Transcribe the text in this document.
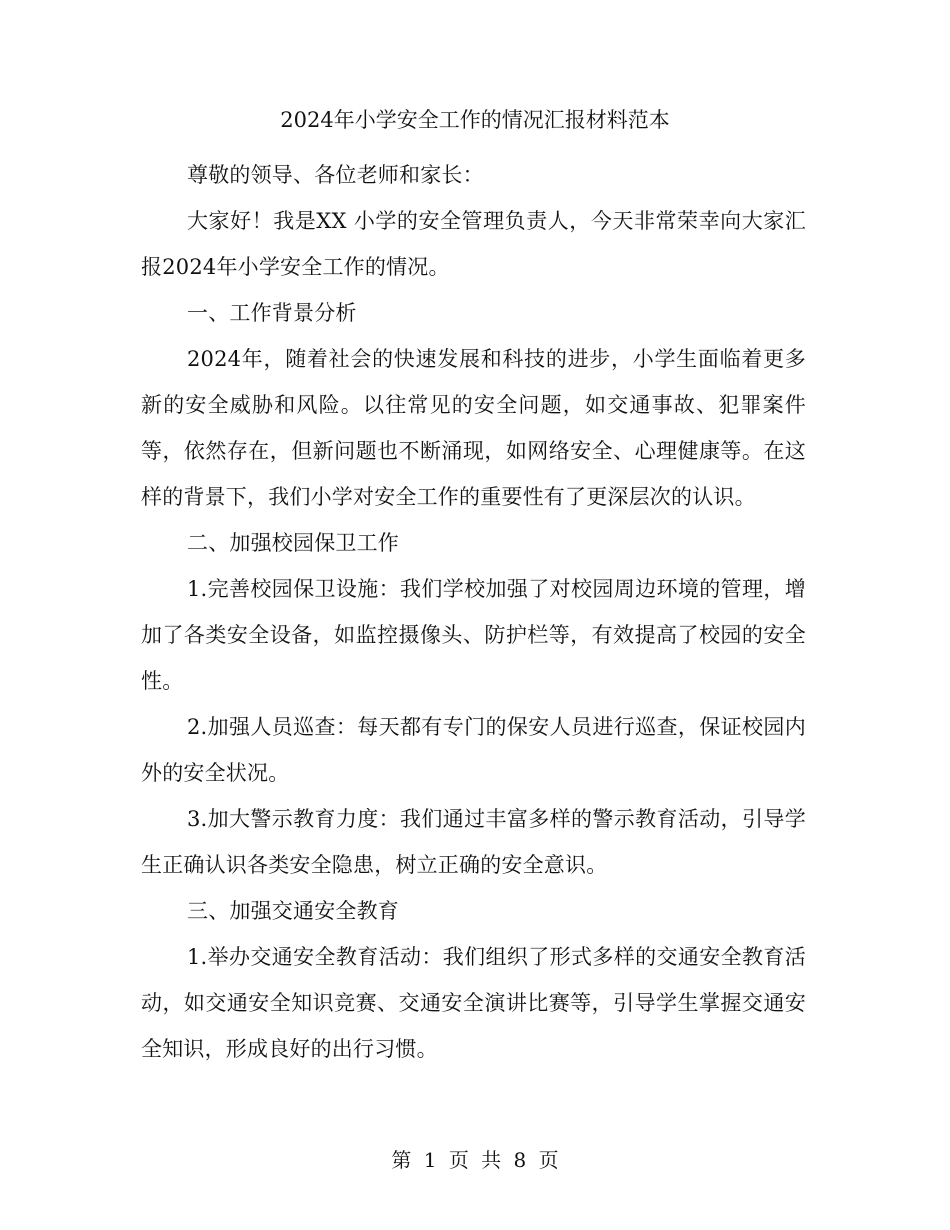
2024年小学安全工作的情况汇报材料范本

尊敬的领导、各位老师和家长：

大家好！我是XX 小学的安全管理负责人，今天非常荣幸向大家汇报2024年小学安全工作的情况。

一、工作背景分析

2024年，随着社会的快速发展和科技的进步，小学生面临着更多新的安全威胁和风险。以往常见的安全问题，如交通事故、犯罪案件等，依然存在，但新问题也不断涌现，如网络安全、心理健康等。在这样的背景下，我们小学对安全工作的重要性有了更深层次的认识。

二、加强校园保卫工作

1.完善校园保卫设施：我们学校加强了对校园周边环境的管理，增加了各类安全设备，如监控摄像头、防护栏等，有效提高了校园的安全性。

2.加强人员巡查：每天都有专门的保安人员进行巡查，保证校园内外的安全状况。

3.加大警示教育力度：我们通过丰富多样的警示教育活动，引导学生正确认识各类安全隐患，树立正确的安全意识。

三、加强交通安全教育

1.举办交通安全教育活动：我们组织了形式多样的交通安全教育活动，如交通安全知识竞赛、交通安全演讲比赛等，引导学生掌握交通安全知识，形成良好的出行习惯。

第 1 页 共 8 页
